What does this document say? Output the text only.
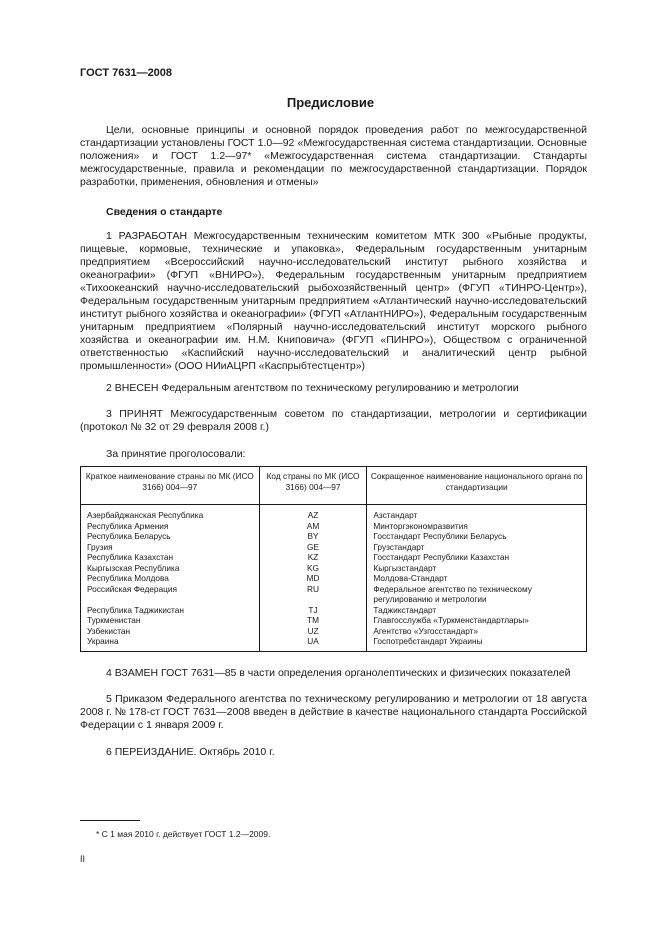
ГОСТ 7631—2008
Предисловие
Цели, основные принципы и основной порядок проведения работ по межгосударственной стандартизации установлены ГОСТ 1.0—92 «Межгосударственная система стандартизации. Основные положения» и ГОСТ 1.2—97* «Межгосударственная система стандартизации. Стандарты межгосударственные, правила и рекомендации по межгосударственной стандартизации. Порядок разработки, применения, обновления и отмены»
Сведения о стандарте
1 РАЗРАБОТАН Межгосударственным техническим комитетом МТК 300 «Рыбные продукты, пищевые, кормовые, технические и упаковка», Федеральным государственным унитарным предприятием «Всероссийский научно-исследовательский институт рыбного хозяйства и океанографии» (ФГУП «ВНИРО»), Федеральным государственным унитарным предприятием «Тихоокеанский научно-исследовательский рыбохозяйственный центр» (ФГУП «ТИНРО-Центр»), Федеральным государственным унитарным предприятием «Атлантический научно-исследовательский институт рыбного хозяйства и океанографии» (ФГУП «АтлантНИРО»), Федеральным государственным унитарным предприятием «Полярный научно-исследовательский институт морского рыбного хозяйства и океанографии им. Н.М. Книповича» (ФГУП «ПИНРО»), Обществом с ограниченной ответственностью «Каспийский научно-исследовательский и аналитический центр рыбной промышленности» (ООО НИиАЦРП «Каспрыбтестцентр»)
2 ВНЕСЕН Федеральным агентством по техническому регулированию и метрологии
3 ПРИНЯТ Межгосударственным советом по стандартизации, метрологии и сертификации (протокол № 32 от 29 февраля 2008 г.)
За принятие проголосовали:
Краткое наименование страны по МК (ИСО 3166) 004—97	Код страны по МК (ИСО 3166) 004—97	Сокращенное наименование национального органа по стандартизации
Азербайджанская Республика	AZ	Азстандарт
Республика Армения	AM	Минторгэкономразвития
Республика Беларусь	BY	Госстандарт Республики Беларусь
Грузия	GE	Грузстандарт
Республика Казахстан	KZ	Госстандарт Республики Казахстан
Кыргызская Республика	KG	Кыргызстандарт
Республика Молдова	MD	Молдова-Стандарт
Российская Федерация	RU	Федеральное агентство по техническому регулированию и метрологии
Республика Таджикистан	TJ	Таджикстандарт
Туркменистан	TM	Главгосслужба «Туркменстандартлары»
Узбекистан	UZ	Агентство «Узгосстандарт»
Украина	UA	Госпотребстандарт Украины
4 ВЗАМЕН ГОСТ 7631—85 в части определения органолептических и физических показателей
5 Приказом Федерального агентства по техническому регулированию и метрологии от 18 августа 2008 г. № 178-ст ГОСТ 7631—2008 введен в действие в качестве национального стандарта Российской Федерации с 1 января 2009 г.
6 ПЕРЕИЗДАНИЕ. Октябрь 2010 г.
* С 1 мая 2010 г. действует ГОСТ 1.2—2009.
II
